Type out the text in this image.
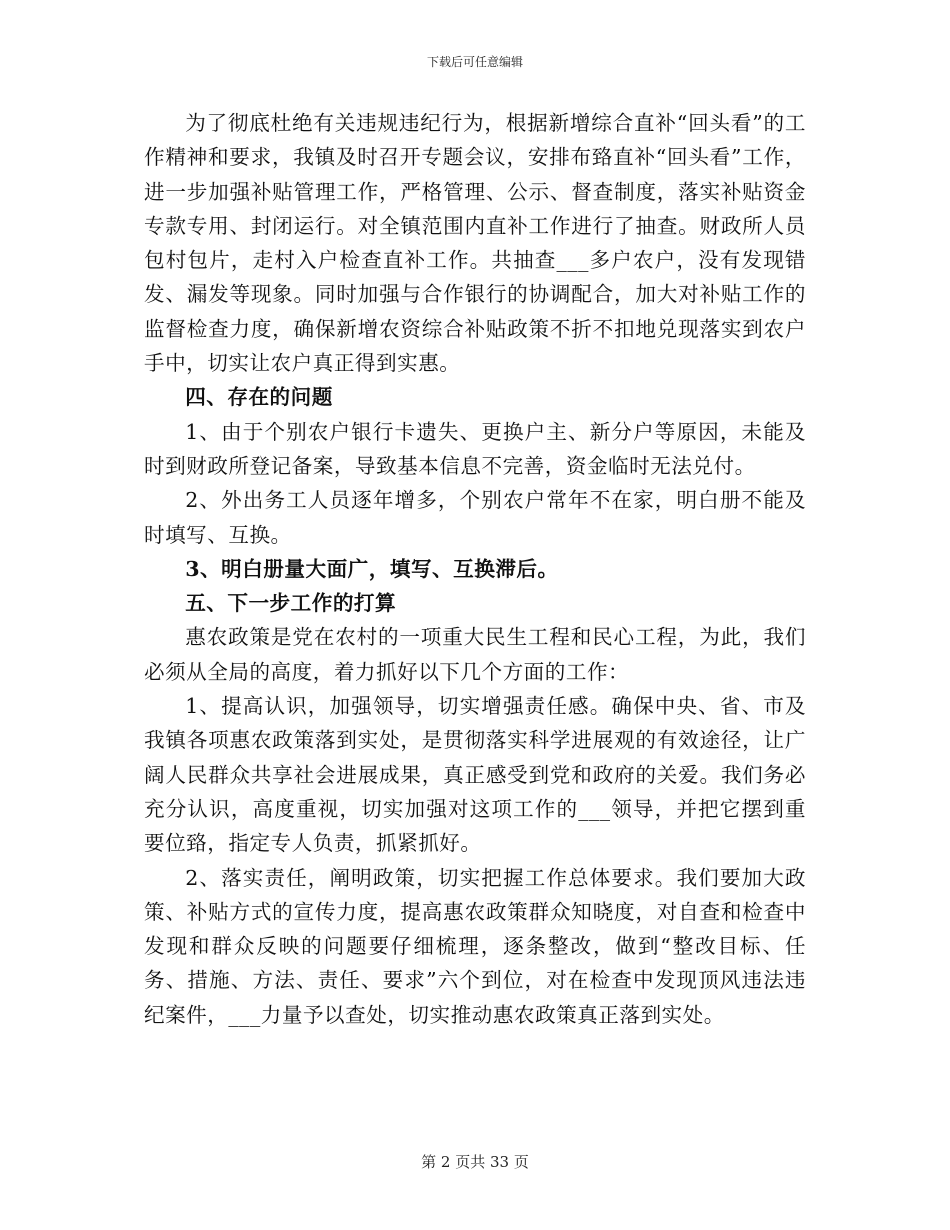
下载后可任意编辑

为了彻底杜绝有关违规违纪行为，根据新增综合直补“回头看”的工作精神和要求，我镇及时召开专题会议，安排布臵直补“回头看”工作，进一步加强补贴管理工作，严格管理、公示、督查制度，落实补贴资金专款专用、封闭运行。对全镇范围内直补工作进行了抽查。财政所人员包村包片，走村入户检查直补工作。共抽查___多户农户，没有发现错发、漏发等现象。同时加强与合作银行的协调配合，加大对补贴工作的监督检查力度，确保新增农资综合补贴政策不折不扣地兑现落实到农户手中，切实让农户真正得到实惠。

四、存在的问题

1、由于个别农户银行卡遗失、更换户主、新分户等原因，未能及时到财政所登记备案，导致基本信息不完善，资金临时无法兑付。

2、外出务工人员逐年增多，个别农户常年不在家，明白册不能及时填写、互换。

3、明白册量大面广，填写、互换滞后。

五、下一步工作的打算

惠农政策是党在农村的一项重大民生工程和民心工程，为此，我们必须从全局的高度，着力抓好以下几个方面的工作：

1、提高认识，加强领导，切实增强责任感。确保中央、省、市及我镇各项惠农政策落到实处，是贯彻落实科学进展观的有效途径，让广阔人民群众共享社会进展成果，真正感受到党和政府的关爱。我们务必充分认识，高度重视，切实加强对这项工作的___领导，并把它摆到重要位臵，指定专人负责，抓紧抓好。

2、落实责任，阐明政策，切实把握工作总体要求。我们要加大政策、补贴方式的宣传力度，提高惠农政策群众知晓度，对自查和检查中发现和群众反映的问题要仔细梳理，逐条整改，做到“整改目标、任务、措施、方法、责任、要求”六个到位，对在检查中发现顶风违法违纪案件，___力量予以查处，切实推动惠农政策真正落到实处。

第 2 页共 33 页
